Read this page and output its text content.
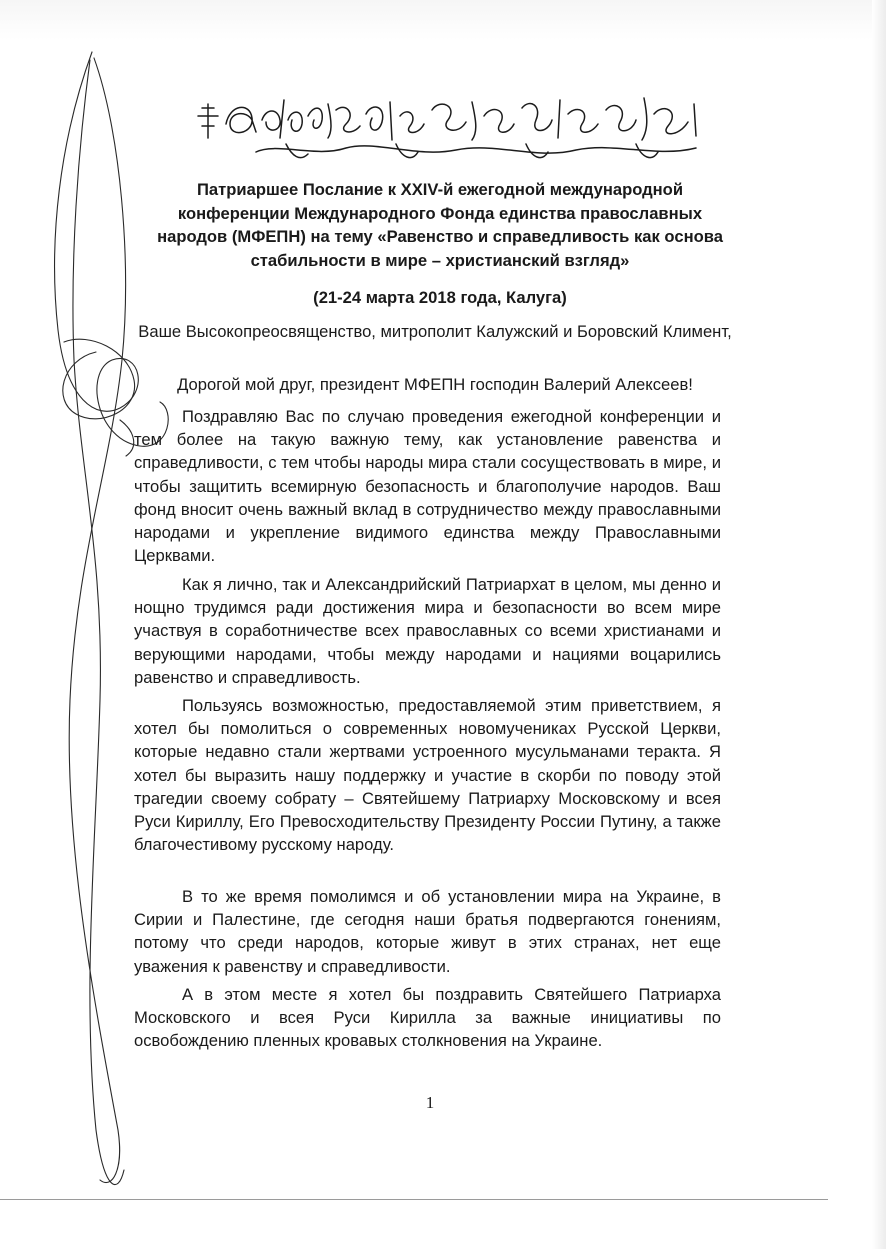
Патриаршее Послание к XXIV-й ежегодной международной конференции Международного Фонда единства православных народов (МФЕПН) на тему «Равенство и справедливость как основа стабильности в мире – христианский взгляд»

(21-24 марта 2018 года, Калуга)

Ваше Высокопреосвященство, митрополит Калужский и Боровский Климент,

Дорогой мой друг, президент МФЕПН господин Валерий Алексеев!

Поздравляю Вас по случаю проведения ежегодной конференции и тем более на такую важную тему, как установление равенства и справедливости, с тем чтобы народы мира стали сосуществовать в мире, и чтобы защитить всемирную безопасность и благополучие народов. Ваш фонд вносит очень важный вклад в сотрудничество между православными народами и укрепление видимого единства между Православными Церквами.

Как я лично, так и Александрийский Патриархат в целом, мы денно и нощно трудимся ради достижения мира и безопасности во всем мире участвуя в соработничестве всех православных со всеми христианами и верующими народами, чтобы между народами и нациями воцарились равенство и справедливость.

Пользуясь возможностью, предоставляемой этим приветствием, я хотел бы помолиться о современных новомучениках Русской Церкви, которые недавно стали жертвами устроенного мусульманами теракта. Я хотел бы выразить нашу поддержку и участие в скорби по поводу этой трагедии своему собрату – Святейшему Патриарху Московскому и всея Руси Кириллу, Его Превосходительству Президенту России Путину, а также благочестивому русскому народу.

В то же время помолимся и об установлении мира на Украине, в Сирии и Палестине, где сегодня наши братья подвергаются гонениям, потому что среди народов, которые живут в этих странах, нет еще уважения к равенству и справедливости.

А в этом месте я хотел бы поздравить Святейшего Патриарха Московского и всея Руси Кирилла за важные инициативы по освобождению пленных кровавых столкновения на Украине.

1
